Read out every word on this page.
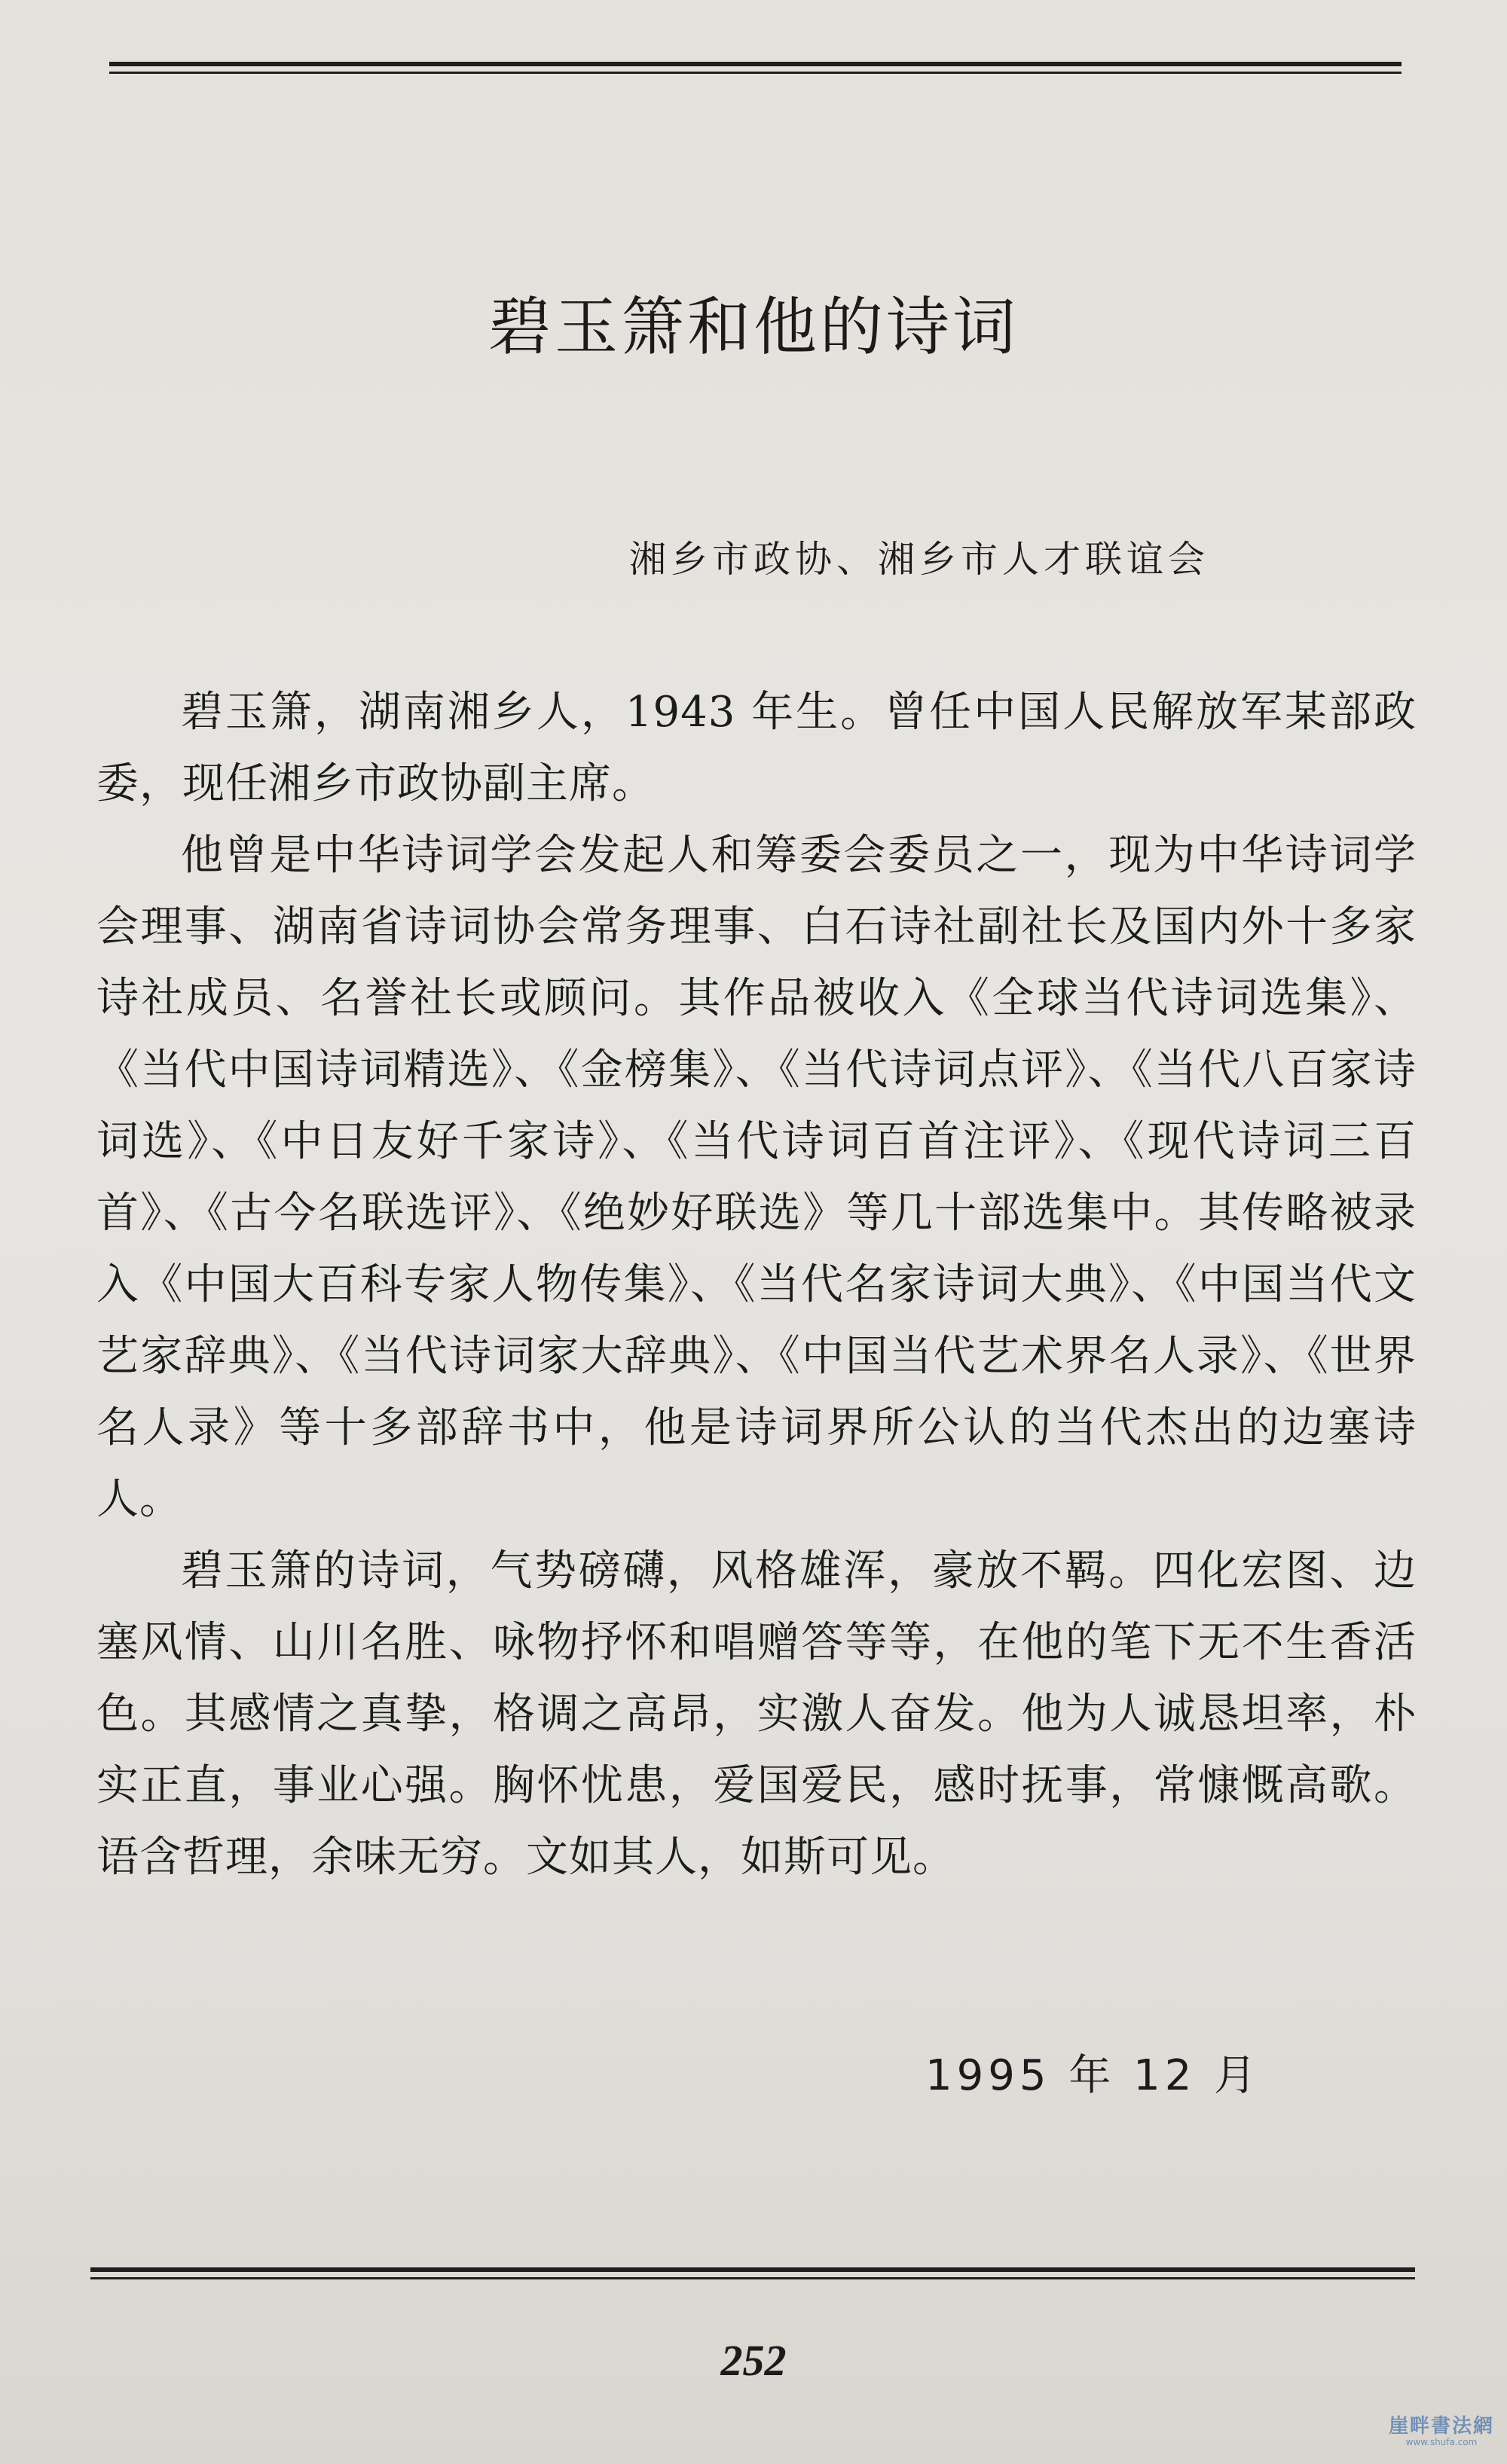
碧玉箫和他的诗词
湘乡市政协、湘乡市人才联谊会

碧玉箫，湖南湘乡人，1943 年生。曾任中国人民解放军某部政委，现任湘乡市政协副主席。

他曾是中华诗词学会发起人和筹委会委员之一，现为中华诗词学会理事、湖南省诗词协会常务理事、白石诗社副社长及国内外十多家诗社成员、名誉社长或顾问。其作品被收入《全球当代诗词选集》、《当代中国诗词精选》、《金榜集》、《当代诗词点评》、《当代八百家诗词选》、《中日友好千家诗》、《当代诗词百首注评》、《现代诗词三百首》、《古今名联选评》、《绝妙好联选》等几十部选集中。其传略被录入《中国大百科专家人物传集》、《当代名家诗词大典》、《中国当代文艺家辞典》、《当代诗词家大辞典》、《中国当代艺术界名人录》、《世界名人录》等十多部辞书中，他是诗词界所公认的当代杰出的边塞诗人。

碧玉箫的诗词，气势磅礴，风格雄浑，豪放不羁。四化宏图、边塞风情、山川名胜、咏物抒怀和唱赠答等等，在他的笔下无不生香活色。其感情之真挚，格调之高昂，实激人奋发。他为人诚恳坦率，朴实正直，事业心强。胸怀忧患，爱国爱民，感时抚事，常慷慨高歌。语含哲理，余味无穷。文如其人，如斯可见。

1995 年 12 月
252
崖畔書法網
www.shufa.com
